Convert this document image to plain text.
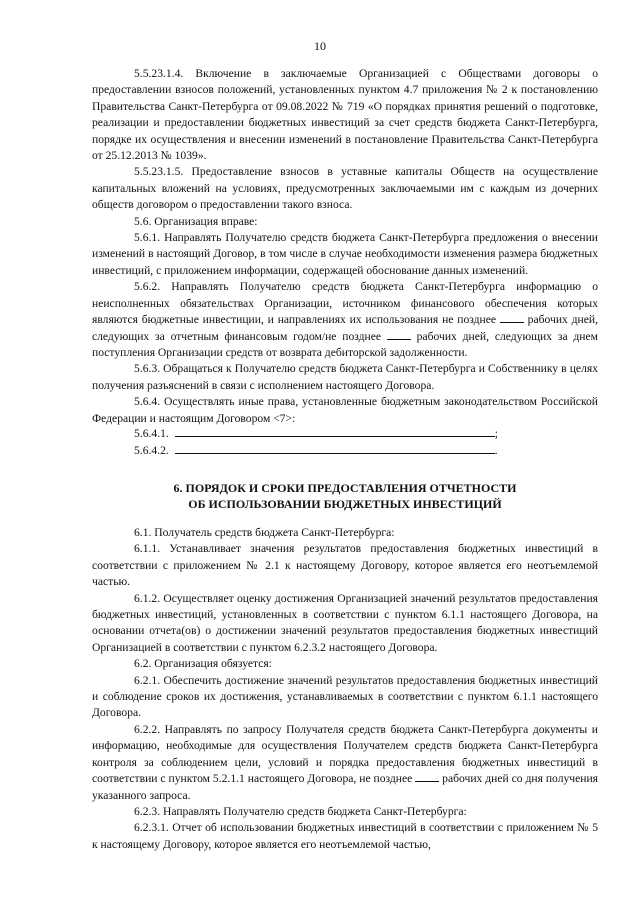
10

5.5.23.1.4. Включение в заключаемые Организацией с Обществами договоры о предоставлении взносов положений, установленных пунктом 4.7 приложения № 2 к постановлению Правительства Санкт-Петербурга от 09.08.2022 № 719 «О порядках принятия решений о подготовке, реализации и предоставлении бюджетных инвестиций за счет средств бюджета Санкт-Петербурга, порядке их осуществления и внесении изменений в постановление Правительства Санкт-Петербурга от 25.12.2013 № 1039».

5.5.23.1.5. Предоставление взносов в уставные капиталы Обществ на осуществление капитальных вложений на условиях, предусмотренных заключаемыми им с каждым из дочерних обществ договором о предоставлении такого взноса.

5.6. Организация вправе:

5.6.1. Направлять Получателю средств бюджета Санкт-Петербурга предложения о внесении изменений в настоящий Договор, в том числе в случае необходимости изменения размера бюджетных инвестиций, с приложением информации, содержащей обоснование данных изменений.

5.6.2. Направлять Получателю средств бюджета Санкт-Петербурга информацию о неисполненных обязательствах Организации, источником финансового обеспечения которых являются бюджетные инвестиции, и направлениях их использования не позднее	рабочих дней, следующих за отчетным финансовым годом/не позднее	рабочих дней, следующих за днем поступления Организации средств от возврата дебиторской задолженности.

5.6.3. Обращаться к Получателю средств бюджета Санкт-Петербурга и Собственнику в целях получения разъяснений в связи с исполнением настоящего Договора.

5.6.4. Осуществлять иные права, установленные бюджетным законодательством Российской Федерации и настоящим Договором <7>:

5.6.4.1.	;
5.6.4.2.	.
6. ПОРЯДОК И СРОКИ ПРЕДОСТАВЛЕНИЯ ОТЧЕТНОСТИ
ОБ ИСПОЛЬЗОВАНИИ БЮДЖЕТНЫХ ИНВЕСТИЦИЙ

6.1. Получатель средств бюджета Санкт-Петербурга:

6.1.1. Устанавливает значения результатов предоставления бюджетных инвестиций в соответствии с приложением № 2.1 к настоящему Договору, которое является его неотъемлемой частью.

6.1.2. Осуществляет оценку достижения Организацией значений результатов предоставления бюджетных инвестиций, установленных в соответствии с пунктом 6.1.1 настоящего Договора, на основании отчета(ов) о достижении значений результатов предоставления бюджетных инвестиций Организацией в соответствии с пунктом 6.2.3.2 настоящего Договора.

6.2. Организация обязуется:

6.2.1. Обеспечить достижение значений результатов предоставления бюджетных инвестиций и соблюдение сроков их достижения, устанавливаемых в соответствии с пунктом 6.1.1 настоящего Договора.

6.2.2. Направлять по запросу Получателя средств бюджета Санкт-Петербурга документы и информацию, необходимые для осуществления Получателем средств бюджета Санкт-Петербурга контроля за соблюдением цели, условий и порядка предоставления бюджетных инвестиций в соответствии с пунктом 5.2.1.1 настоящего Договора, не позднее	рабочих дней со дня получения указанного запроса.

6.2.3. Направлять Получателю средств бюджета Санкт-Петербурга:

6.2.3.1. Отчет об использовании бюджетных инвестиций в соответствии с приложением № 5 к настоящему Договору, которое является его неотъемлемой частью,
